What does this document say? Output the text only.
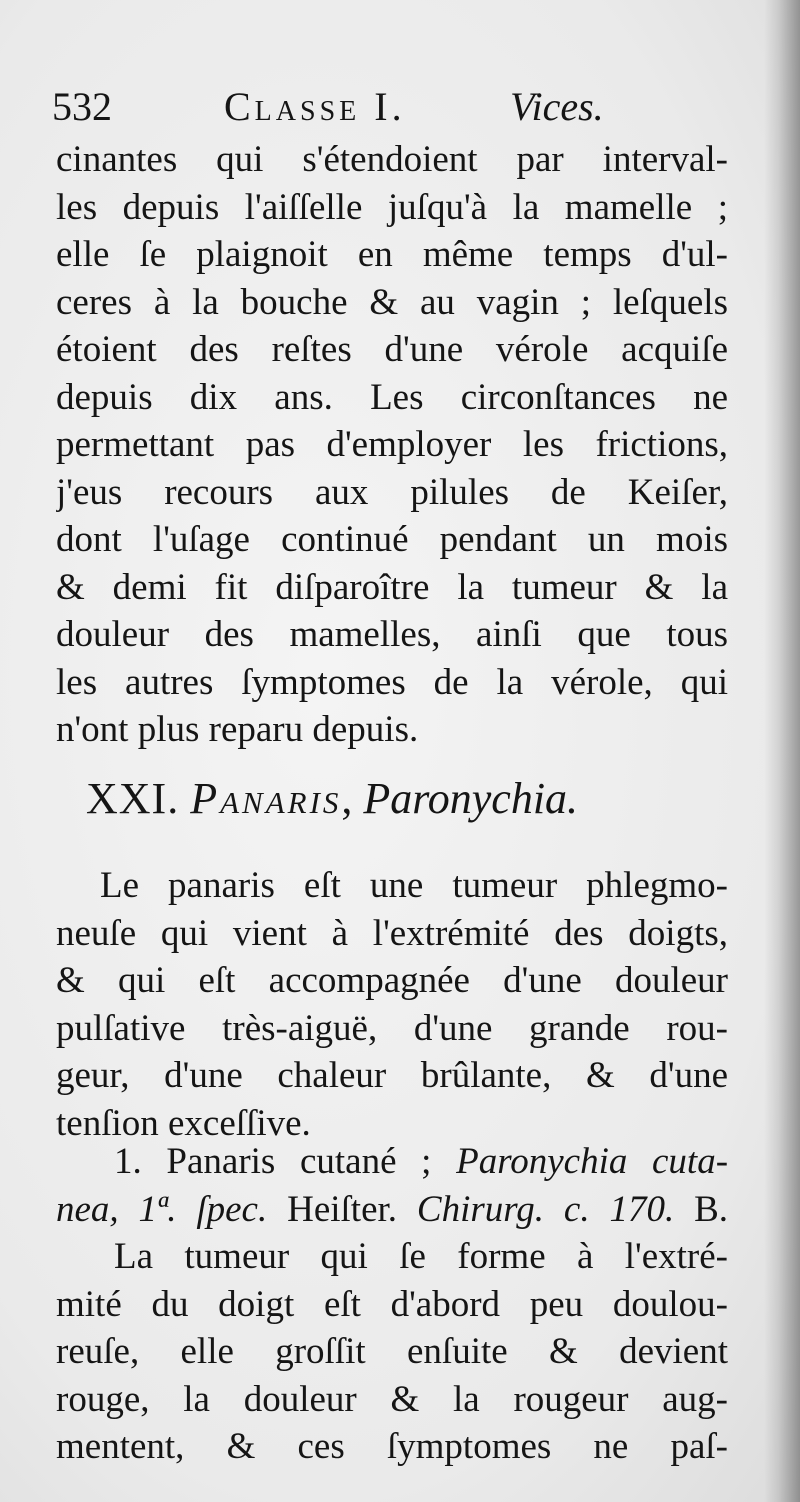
532	Classe I.	Vices.
cinantes qui s'étendoient par interval-
les depuis l'aiſſelle juſqu'à la mamelle ;
elle ſe plaignoit en même temps d'ul-
ceres à la bouche & au vagin ; leſquels
étoient des reſtes d'une vérole acquiſe
depuis dix ans. Les circonſtances ne
permettant pas d'employer les frictions,
j'eus recours aux pilules de Keiſer,
dont l'uſage continué pendant un mois
& demi fit diſparoître la tumeur & la
douleur des mamelles, ainſi que tous
les autres ſymptomes de la vérole, qui
n'ont plus reparu depuis.
XXI. Panaris, Paronychia.
Le panaris eſt une tumeur phlegmo-
neuſe qui vient à l'extrémité des doigts,
& qui eſt accompagnée d'une douleur
pulſative très-aiguë, d'une grande rou-
geur, d'une chaleur brûlante, & d'une
tenſion exceſſive.
1. Panaris cutané ; Paronychia cuta-
nea, 1ª. ſpec. Heiſter. Chirurg. c. 170. B.
La tumeur qui ſe forme à l'extré-
mité du doigt eſt d'abord peu doulou-
reuſe, elle groſſit enſuite & devient
rouge, la douleur & la rougeur aug-
mentent, & ces ſymptomes ne paſ-
